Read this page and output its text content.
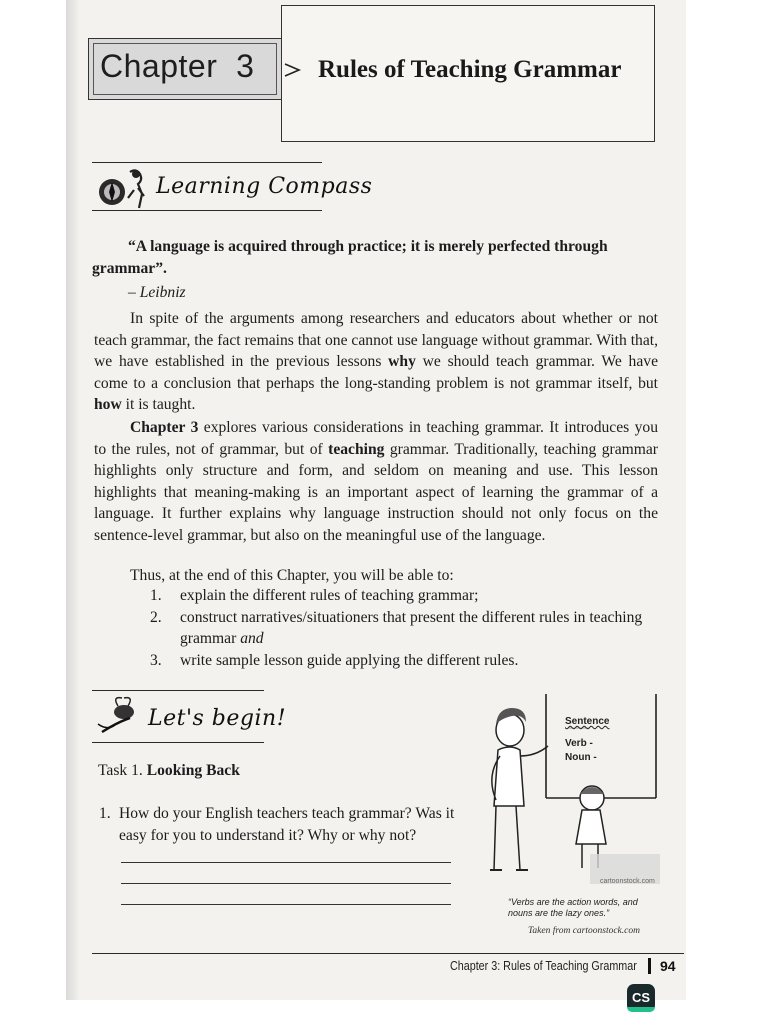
Chapter  3	Rules of Teaching Grammar
Learning Compass
“A language is acquired through practice; it is merely perfected through grammar”.
– Leibniz
In spite of the arguments among researchers and educators about whether or not teach grammar, the fact remains that one cannot use language without grammar. With that, we have established in the previous lessons why we should teach grammar. We have come to a conclusion that perhaps the long-standing problem is not grammar itself, but how it is taught.
Chapter 3 explores various considerations in teaching grammar. It introduces you to the rules, not of grammar, but of teaching grammar. Traditionally, teaching grammar highlights only structure and form, and seldom on meaning and use. This lesson highlights that meaning-making is an important aspect of learning the grammar of a language. It further explains why language instruction should not only focus on the sentence-level grammar, but also on the meaningful use of the language.
Thus, at the end of this Chapter, you will be able to:
1. explain the different rules of teaching grammar;
2. construct narratives/situationers that present the different rules in teaching grammar and
3. write sample lesson guide applying the different rules.
Let's begin!
Task 1. Looking Back
1. How do your English teachers teach grammar? Was it easy for you to understand it? Why or why not?
Sentence
Verb -
Noun -
cartoonstock.com
“Verbs are the action words, and nouns are the lazy ones.”
Taken from cartoonstock.com
Chapter 3: Rules of Teaching Grammar 94
CS
